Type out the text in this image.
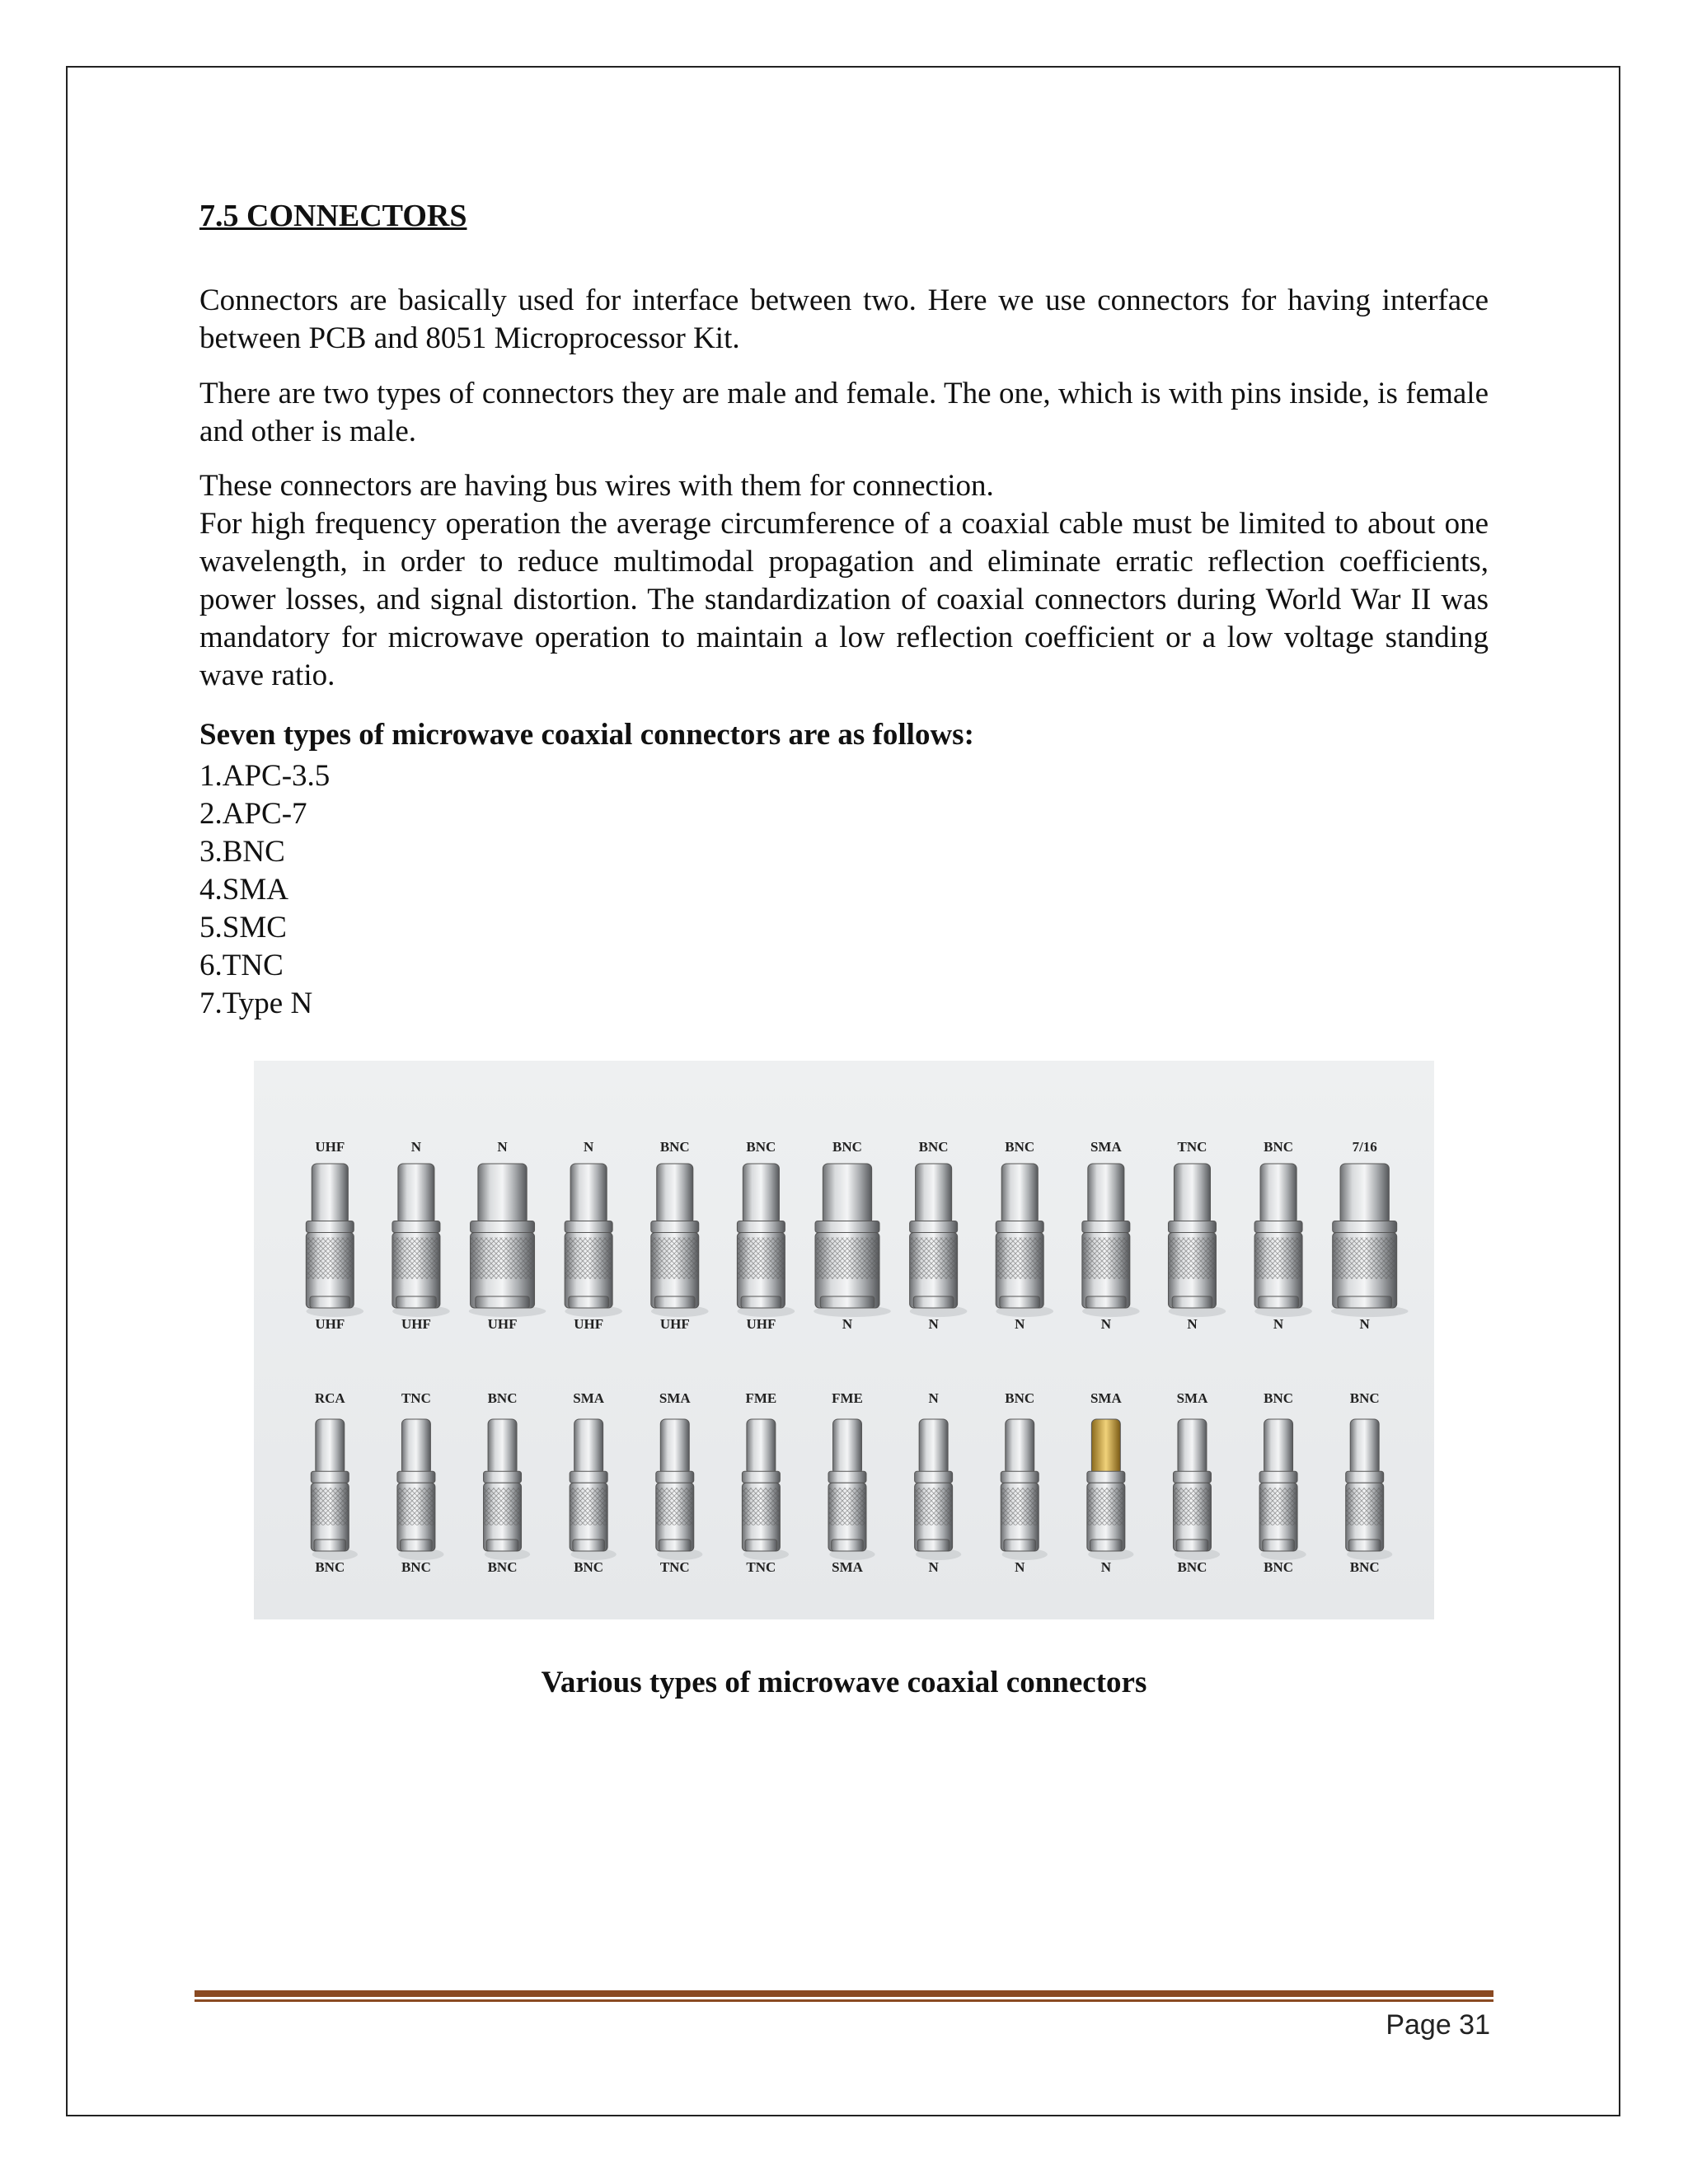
7.5 CONNECTORS

Connectors are basically used for interface between two. Here we use connectors for having interface between PCB and 8051 Microprocessor Kit.

There are two types of connectors they are male and female. The one, which is with pins inside, is female and other is male.

These connectors are having bus wires with them for connection.

For high frequency operation the average circumference of a coaxial cable must be limited to about one wavelength, in order to reduce multimodal propagation and eliminate erratic reflection coefficients, power losses, and signal distortion. The standardization of coaxial connectors during World War II was mandatory for microwave operation to maintain a low reflection coefficient or a low voltage standing wave ratio.

Seven types of microwave coaxial connectors are as follows:

1.APC-3.5
2.APC-7
3.BNC
4.SMA
5.SMC
6.TNC
7.Type N
UHF
UHF
N
UHF
N
UHF
N
UHF
BNC
UHF
BNC
UHF
BNC
N
BNC
N
BNC
N
SMA
N
TNC
N
BNC
N
7/16
N
RCA
BNC
TNC
BNC
BNC
BNC
SMA
BNC
SMA
TNC
FME
TNC
FME
SMA
N
N
BNC
N
SMA
N
SMA
BNC
BNC
BNC
BNC
BNC

Various types of microwave coaxial connectors

Page 31
